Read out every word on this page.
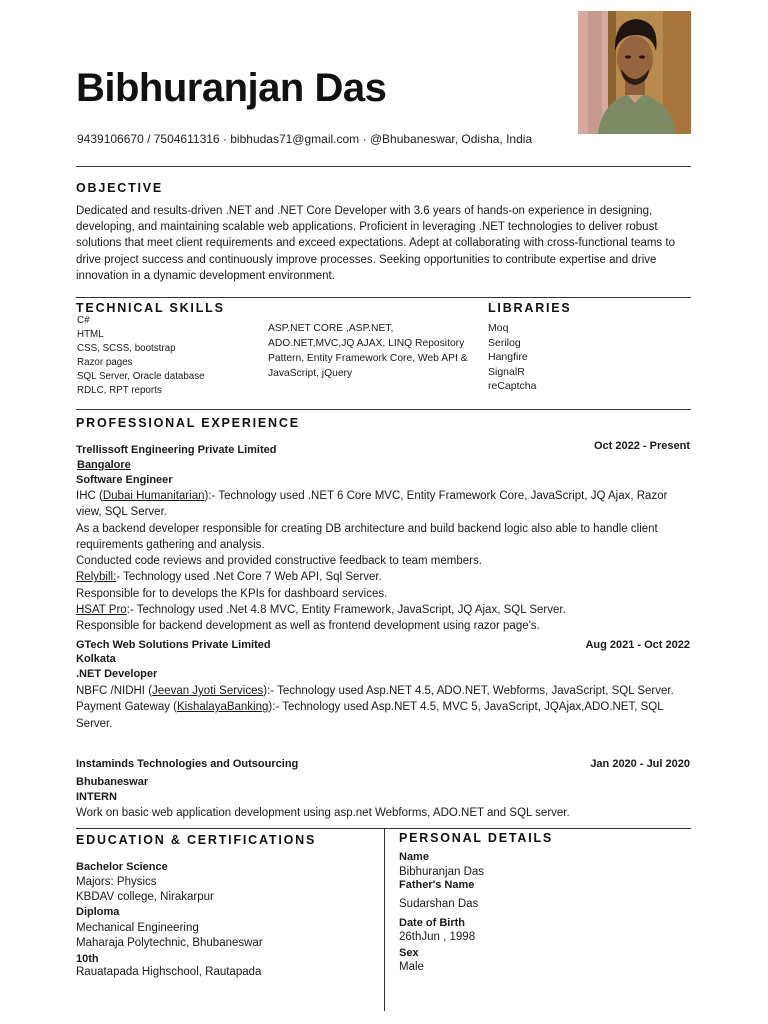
Bibhuranjan Das
9439106670 / 7504611316 · bibhudas71@gmail.com · @Bhubaneswar, Odisha, India
OBJECTIVE
Dedicated and results-driven .NET and .NET Core Developer with 3.6 years of hands-on experience in designing, developing, and maintaining scalable web applications. Proficient in leveraging .NET technologies to deliver robust solutions that meet client requirements and exceed expectations. Adept at collaborating with cross-functional teams to drive project success and continuously improve processes. Seeking opportunities to contribute expertise and drive innovation in a dynamic development environment.
TECHNICAL SKILLS
C#
HTML
CSS, SCSS, bootstrap
Razor pages
SQL Server, Oracle database
RDLC, RPT reports
ASP.NET CORE ,ASP.NET, ADO.NET,MVC,JQ AJAX, LINQ Repository Pattern, Entity Framework Core, Web API & JavaScript, jQuery
LIBRARIES
Moq
Serilog
Hangfire
SignalR
reCaptcha
PROFESSIONAL EXPERIENCE
Trellissoft Engineering Private Limited	Oct 2022 - Present
Bangalore
Software Engineer
IHC (Dubai Humanitarian):- Technology used .NET 6 Core MVC, Entity Framework Core, JavaScript, JQ Ajax, Razor view, SQL Server.
As a backend developer responsible for creating DB architecture and build backend logic also able to handle client requirements gathering and analysis.
Conducted code reviews and provided constructive feedback to team members.
Relybill:- Technology used .Net Core 7 Web API, Sql Server.
Responsible for to develops the KPIs for dashboard services.
HSAT Pro:- Technology used .Net 4.8 MVC, Entity Framework, JavaScript, JQ Ajax, SQL Server.
Responsible for backend development as well as frontend development using razor page's.
GTech Web Solutions Private Limited	Aug 2021 - Oct 2022
Kolkata
.NET Developer
NBFC /NIDHI (Jeevan Jyoti Services):- Technology used Asp.NET 4.5, ADO.NET, Webforms, JavaScript, SQL Server.
Payment Gateway (KishalayaBanking):- Technology used Asp.NET 4.5, MVC 5, JavaScript, JQAjax,ADO.NET, SQL Server.
Instaminds Technologies and Outsourcing	Jan 2020 - Jul 2020
Bhubaneswar
INTERN
Work on basic web application development using asp.net Webforms, ADO.NET and SQL server.
EDUCATION & CERTIFICATIONS
Bachelor Science
Majors: Physics
KBDAV college, Nirakarpur
Diploma
Mechanical Engineering
Maharaja Polytechnic, Bhubaneswar
10th
Rauatapada Highschool, Rautapada
PERSONAL DETAILS
Name
Bibhuranjan Das
Father's Name
Sudarshan Das
Date of Birth
26thJun , 1998
Sex
Male
